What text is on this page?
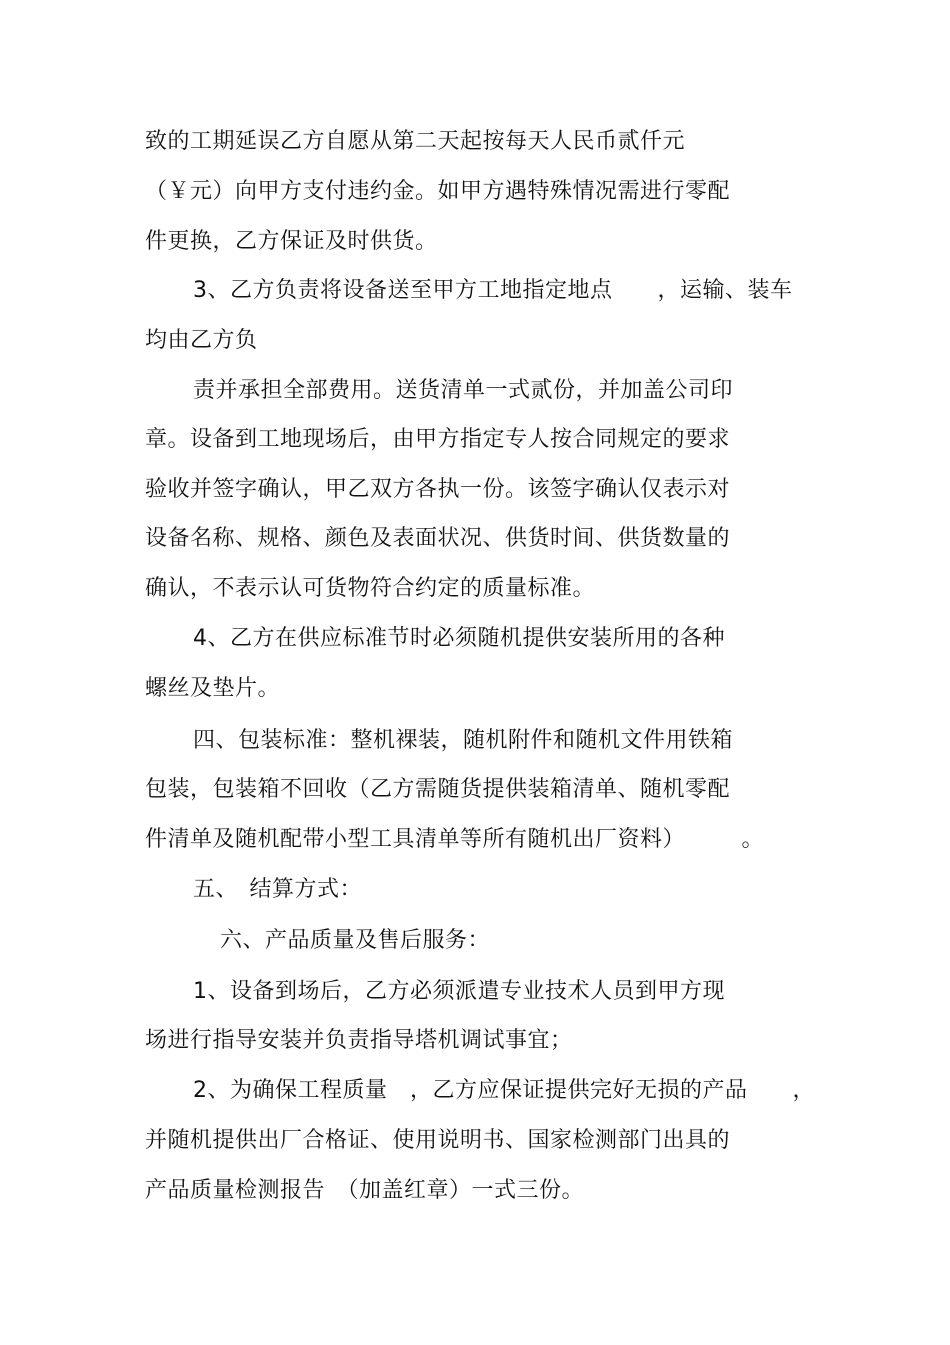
致的工期延误乙方自愿从第二天起按每天人民币贰仟元
（￥元）向甲方支付违约金。如甲方遇特殊情况需进行零配
件更换，乙方保证及时供货。
3、乙方负责将设备送至甲方工地指定地点　　，运输、装车
均由乙方负
责并承担全部费用。送货清单一式贰份，并加盖公司印
章。设备到工地现场后，由甲方指定专人按合同规定的要求
验收并签字确认，甲乙双方各执一份。该签字确认仅表示对
设备名称、规格、颜色及表面状况、供货时间、供货数量的
确认，不表示认可货物符合约定的质量标准。
4、乙方在供应标准节时必须随机提供安装所用的各种
螺丝及垫片。
四、包装标准：整机裸装，随机附件和随机文件用铁箱
包装，包装箱不回收（乙方需随货提供装箱清单、随机零配
件清单及随机配带小型工具清单等所有随机出厂资料）　　　。
五、　结算方式：
六、产品质量及售后服务：
1、设备到场后，乙方必须派遣专业技术人员到甲方现
场进行指导安装并负责指导塔机调试事宜；
2、为确保工程质量　，乙方应保证提供完好无损的产品　　，
并随机提供出厂合格证、使用说明书、国家检测部门出具的
产品质量检测报告　（加盖红章）一式三份。
